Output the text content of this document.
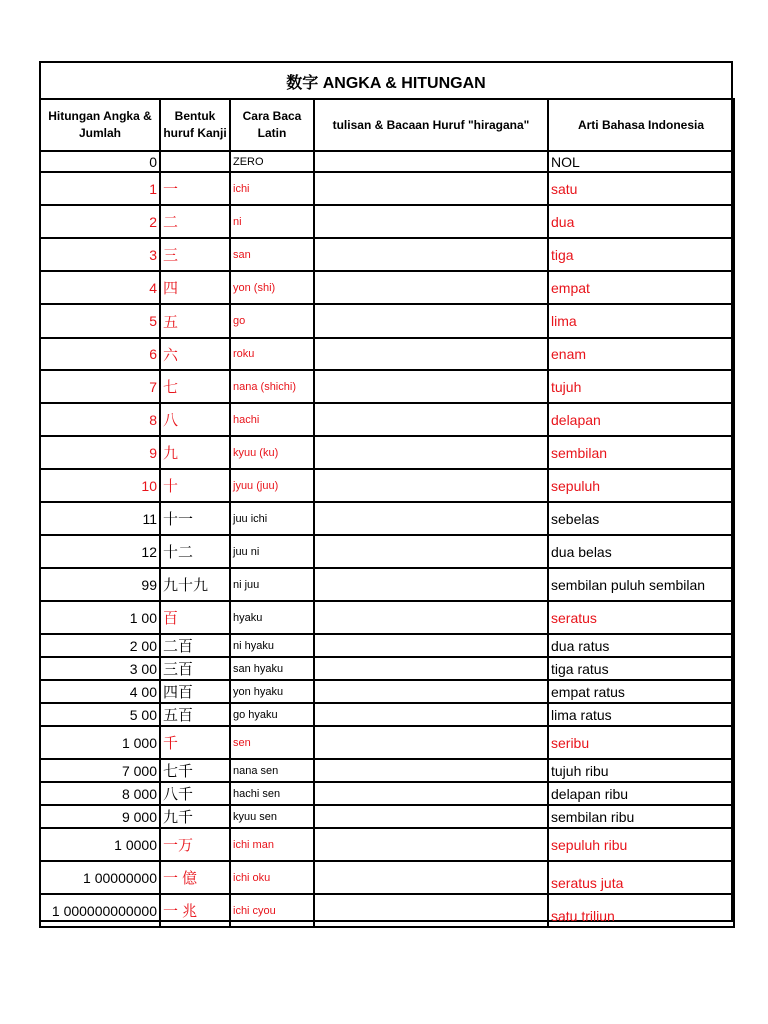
数字 ANGKA & HITUNGAN
Hitungan Angka & Jumlah	Bentuk huruf Kanji	Cara Baca Latin	tulisan & Bacaan Huruf "hiragana"	Arti Bahasa Indonesia
0		ZERO		NOL
1	一	ichi		satu
2	二	ni		dua
3	三	san		tiga
4	四	yon (shi)		empat
5	五	go		lima
6	六	roku		enam
7	七	nana (shichi)		tujuh
8	八	hachi		delapan
9	九	kyuu (ku)		sembilan
10	十	jyuu (juu)		sepuluh
11	十一	juu ichi		sebelas
12	十二	juu ni		dua belas
99	九十九	ni juu		sembilan puluh sembilan
1 00	百	hyaku		seratus
2 00	二百	ni hyaku		dua ratus
3 00	三百	san hyaku		tiga ratus
4 00	四百	yon hyaku		empat ratus
5 00	五百	go hyaku		lima ratus
1 000	千	sen		seribu
7 000	七千	nana sen		tujuh ribu
8 000	八千	hachi sen		delapan ribu
9 000	九千	kyuu sen		sembilan ribu
1 0000	一万	ichi man		sepuluh ribu
1 00000000	一 億	ichi oku		seratus juta
1 000000000000	一 兆	ichi cyou		satu triliun
